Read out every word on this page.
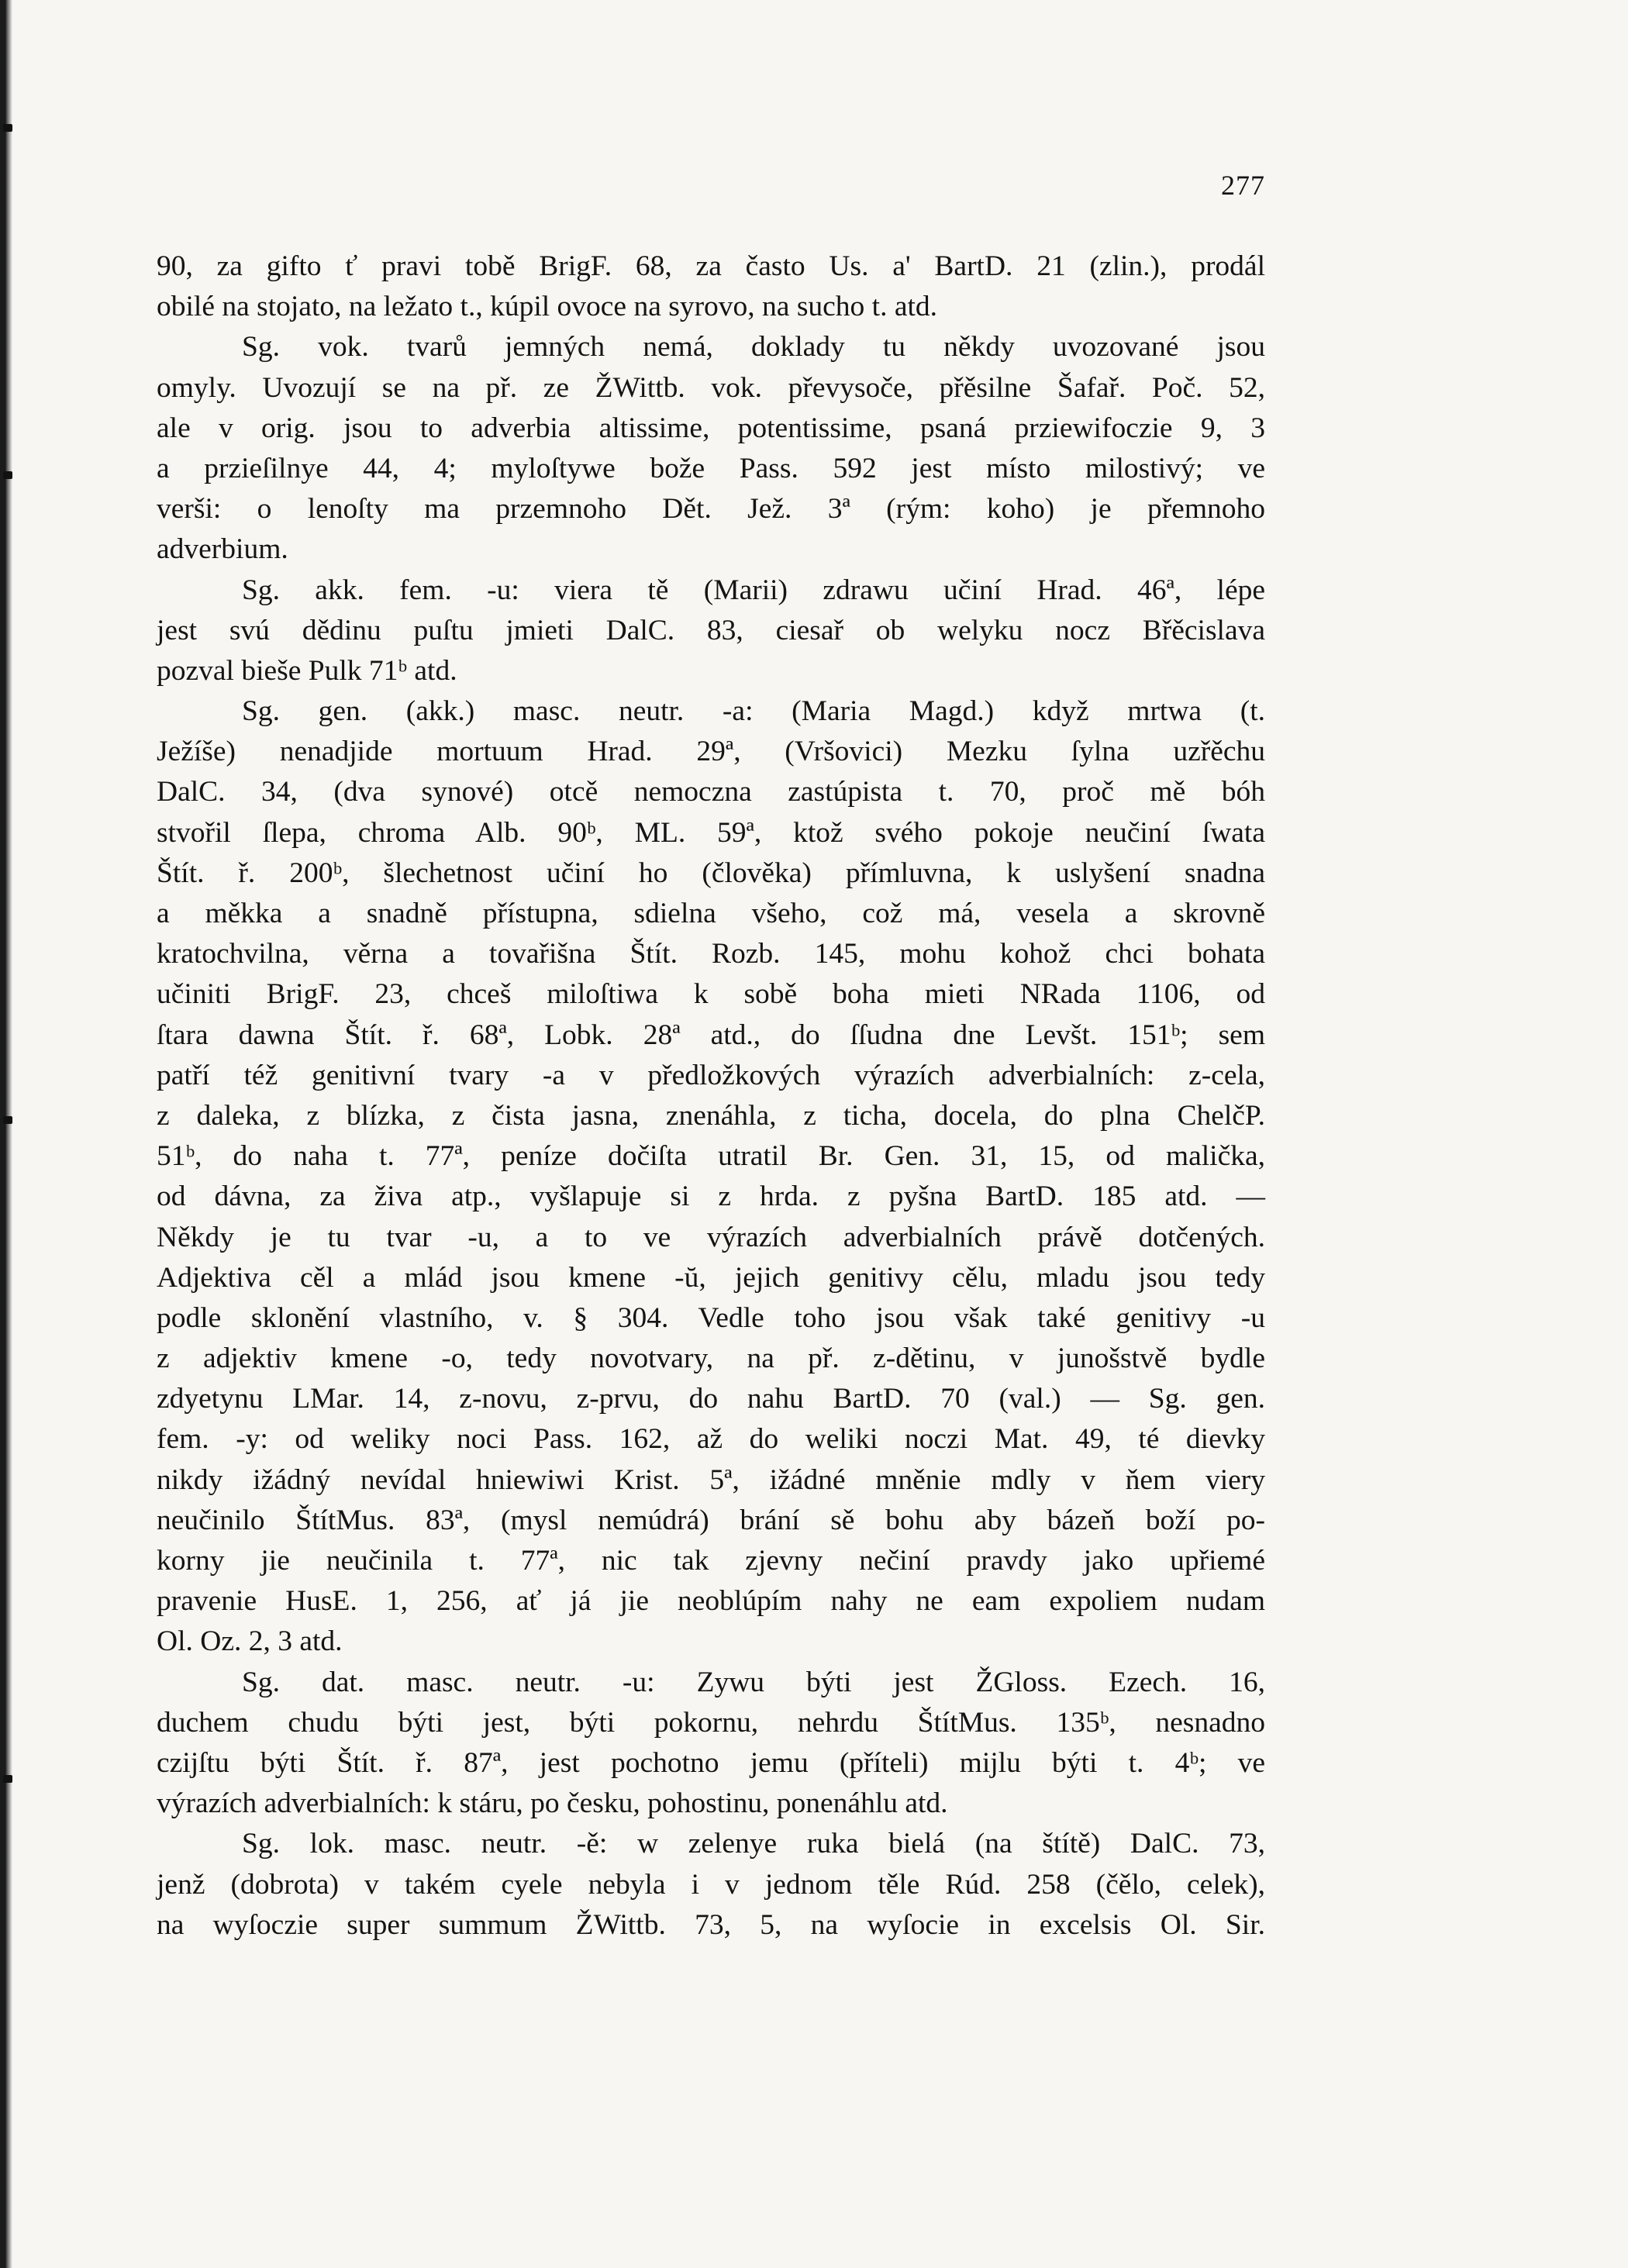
277
90, za gifto ť pravi tobě BrigF. 68, za často Us. a' BartD. 21 (zlin.), prodál
obilé na stojato, na ležato t., kúpil ovoce na syrovo, na sucho t. atd.
Sg. vok. tvarů jemných nemá, doklady tu někdy uvozované jsou
omyly. Uvozují se na př. ze ŽWittb. vok. převysoče, přěsilne Šafař. Poč. 52,
ale v orig. jsou to adverbia altissime, potentissime, psaná prziewifoczie 9, 3
a przieſilnye 44, 4; myloſtywe bože Pass. 592 jest místo milostivý; ve
verši: o lenoſty ma przemnoho Dět. Jež. 3ª (rým: koho) je přemnoho
adverbium.
Sg. akk. fem. -u: viera tě (Marii) zdrawu učiní Hrad. 46ª, lépe
jest svú dědinu puſtu jmieti DalC. 83, ciesař ob welyku nocz Břěcislava
pozval bieše Pulk 71ᵇ atd.
Sg. gen. (akk.) masc. neutr. -a: (Maria Magd.) když mrtwa (t.
Ježíše) nenadjide mortuum Hrad. 29ª, (Vršovici) Mezku ſylna uzřěchu
DalC. 34, (dva synové) otcě nemoczna zastúpista t. 70, proč mě bóh
stvořil ſlepa, chroma Alb. 90ᵇ, ML. 59ª, ktož svého pokoje neučiní ſwata
Štít. ř. 200ᵇ, šlechetnost učiní ho (člověka) přímluvna, k uslyšení snadna
a měkka a snadně přístupna, sdielna všeho, což má, vesela a skrovně
kratochvilna, věrna a tovařišna Štít. Rozb. 145, mohu kohož chci bohata
učiniti BrigF. 23, chceš miloſtiwa k sobě boha mieti NRada 1106, od
ſtara dawna Štít. ř. 68ª, Lobk. 28ª atd., do ſſudna dne Levšt. 151ᵇ; sem
patří též genitivní tvary -a v předložkových výrazích adverbialních: z-cela,
z daleka, z blízka, z čista jasna, znenáhla, z ticha, docela, do plna ChelčP.
51ᵇ, do naha t. 77ª, peníze dočiſta utratil Br. Gen. 31, 15, od malička,
od dávna, za živa atp., vyšlapuje si z hrda. z pyšna BartD. 185 atd. —
Někdy je tu tvar -u, a to ve výrazích adverbialních právě dotčených.
Adjektiva cěl a mlád jsou kmene -ŭ, jejich genitivy cělu, mladu jsou tedy
podle sklonění vlastního, v. § 304. Vedle toho jsou však také genitivy -u
z adjektiv kmene -o, tedy novotvary, na př. z-dětinu, v junošstvě bydle
zdyetynu LMar. 14, z-novu, z-prvu, do nahu BartD. 70 (val.) — Sg. gen.
fem. -y: od weliky noci Pass. 162, až do weliki noczi Mat. 49, té dievky
nikdy ižádný nevídal hniewiwi Krist. 5ª, ižádné mněnie mdly v ňem viery
neučinilo ŠtítMus. 83ª, (mysl nemúdrá) brání sě bohu aby bázeň boží po-
korny jie neučinila t. 77ª, nic tak zjevny nečiní pravdy jako upřiemé
pravenie HusE. 1, 256, ať já jie neoblúpím nahy ne eam expoliem nudam
Ol. Oz. 2, 3 atd.
Sg. dat. masc. neutr. -u: Zywu býti jest ŽGloss. Ezech. 16,
duchem chudu býti jest, býti pokornu, nehrdu ŠtítMus. 135ᵇ, nesnadno
czijſtu býti Štít. ř. 87ª, jest pochotno jemu (příteli) mijlu býti t. 4ᵇ; ve
výrazích adverbialních: k stáru, po česku, pohostinu, ponenáhlu atd.
Sg. lok. masc. neutr. -ě: w zelenye ruka bielá (na štítě) DalC. 73,
jenž (dobrota) v takém cyele nebyla i v jednom těle Rúd. 258 (čělo, celek),
na wyſoczie super summum ŽWittb. 73, 5, na wyſocie in excelsis Ol. Sir.
